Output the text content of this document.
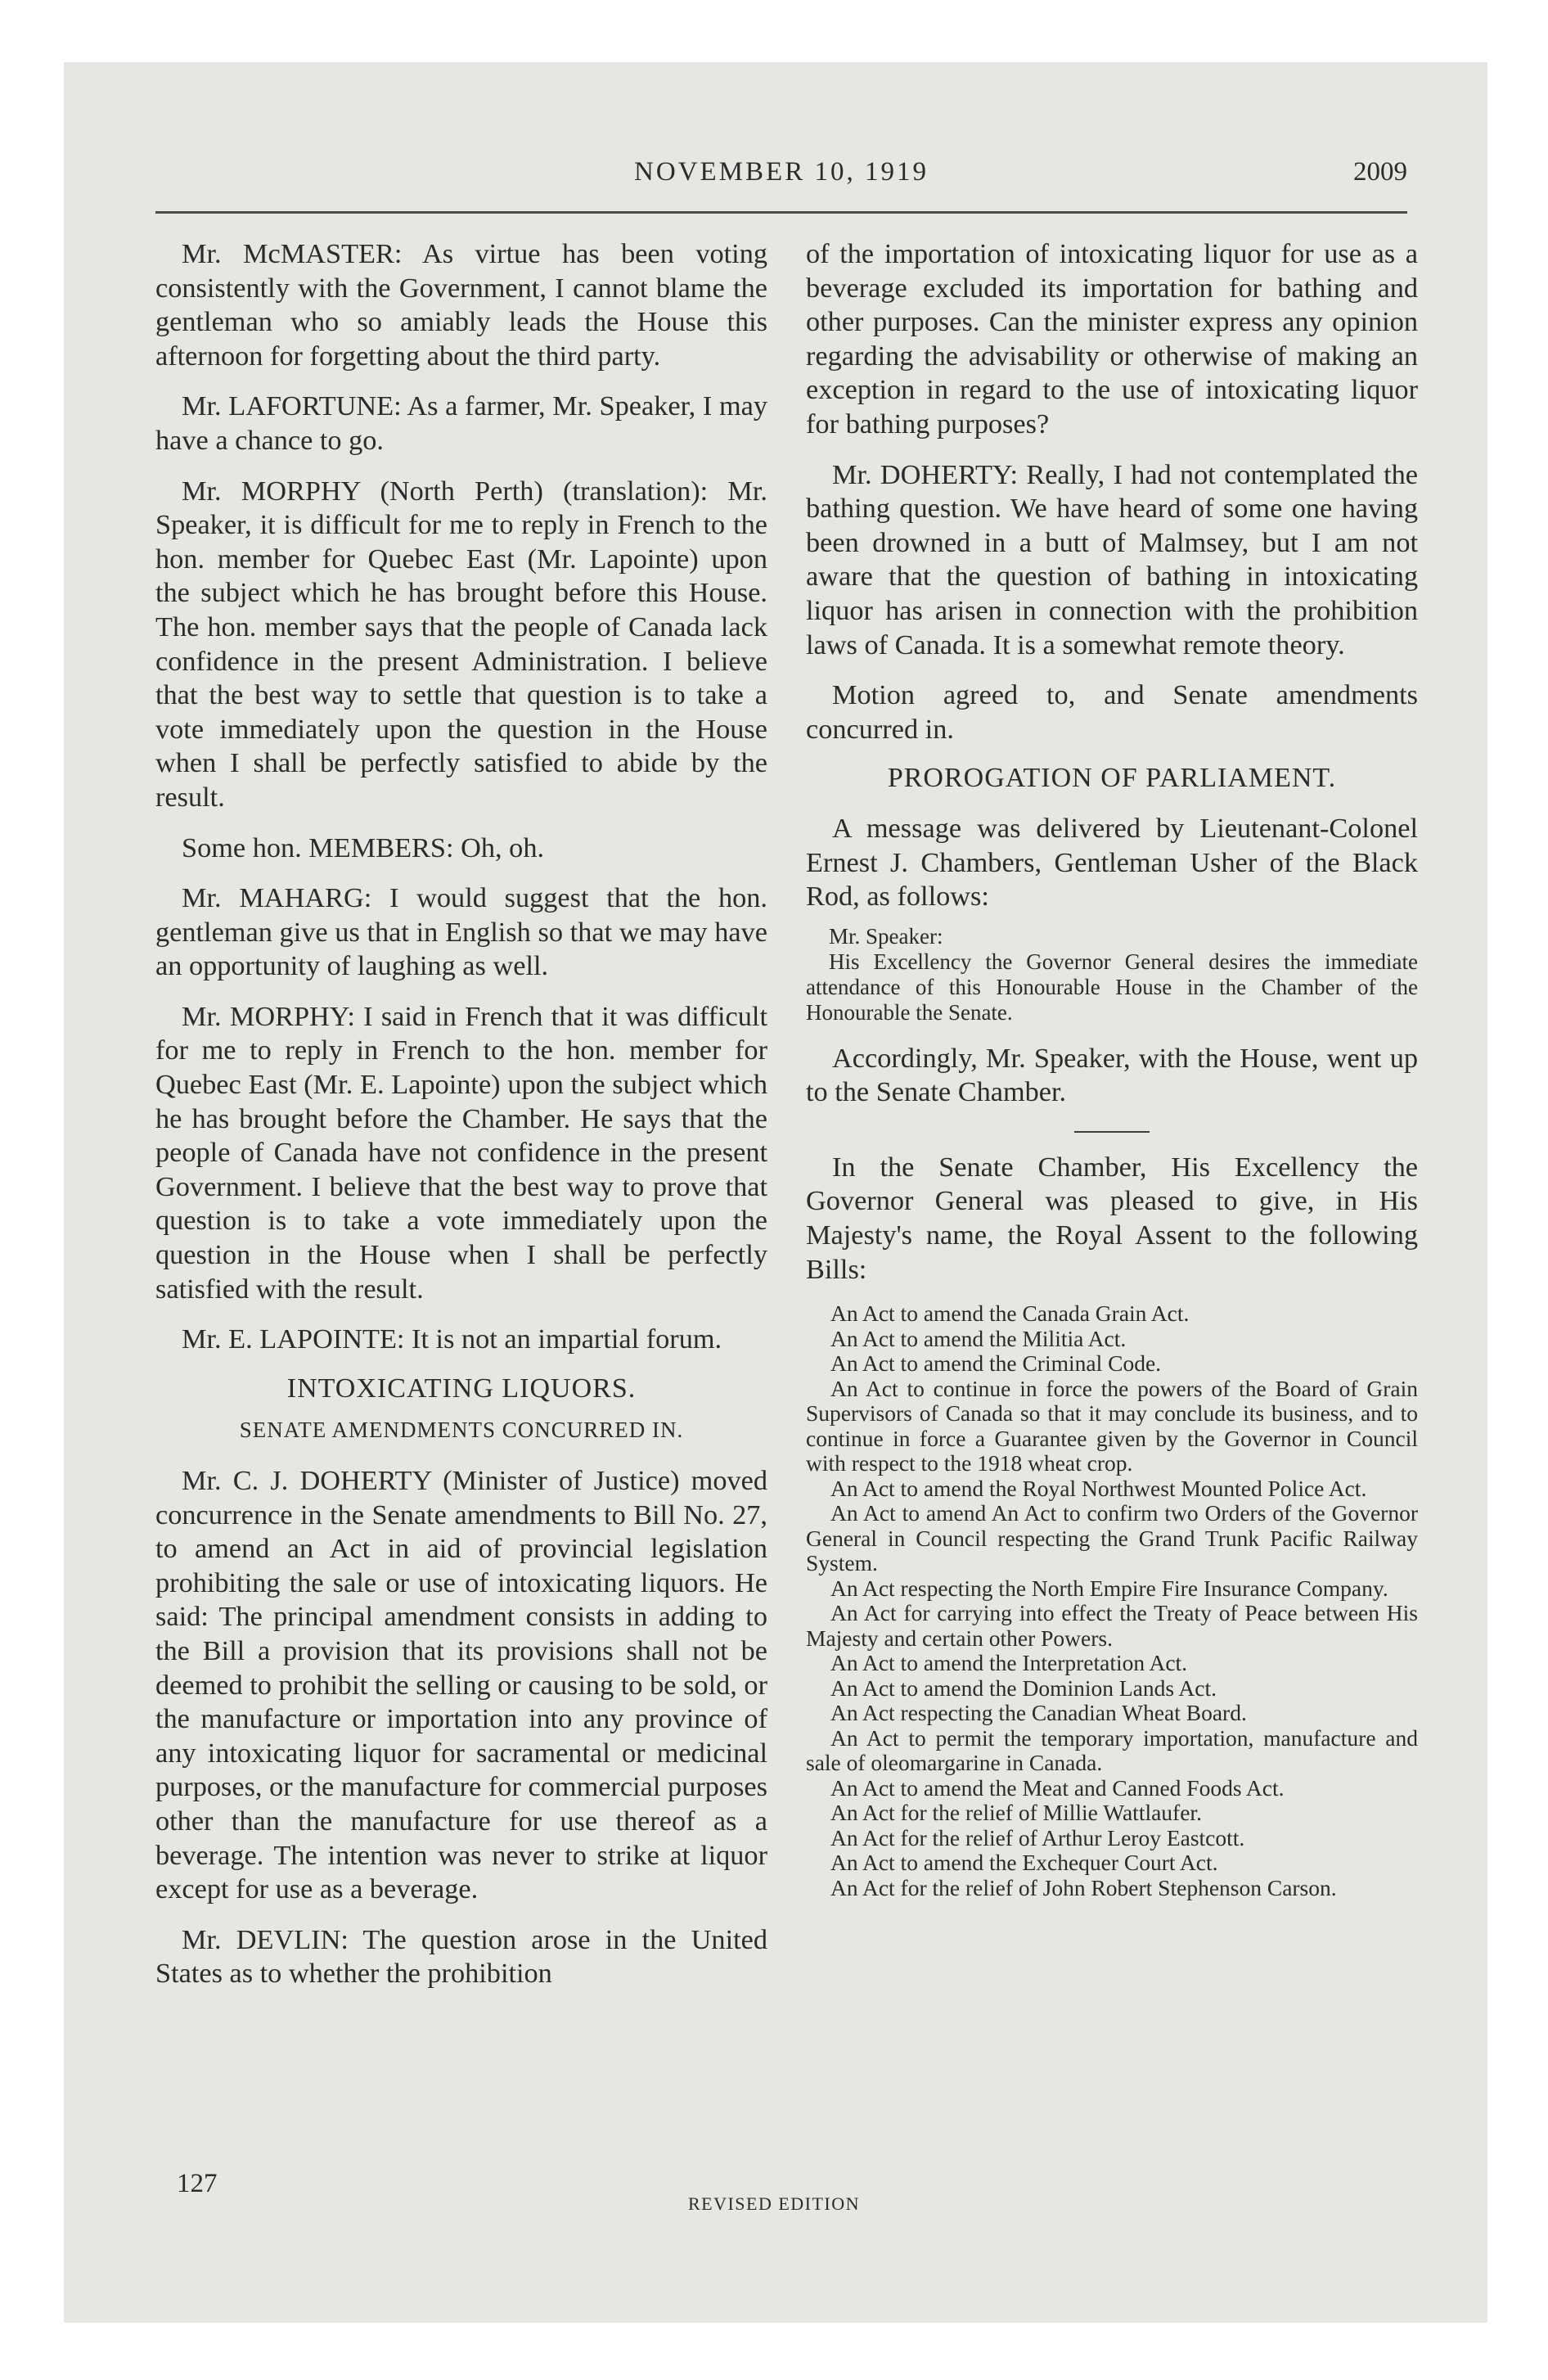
NOVEMBER 10, 1919	2009

Mr. McMASTER: As virtue has been voting consistently with the Government, I cannot blame the gentleman who so amiably leads the House this afternoon for forgetting about the third party.

Mr. LAFORTUNE: As a farmer, Mr. Speaker, I may have a chance to go.

Mr. MORPHY (North Perth) (translation): Mr. Speaker, it is difficult for me to reply in French to the hon. member for Quebec East (Mr. Lapointe) upon the subject which he has brought before this House. The hon. member says that the people of Canada lack confidence in the present Administration. I believe that the best way to settle that question is to take a vote immediately upon the question in the House when I shall be perfectly satisfied to abide by the result.

Some hon. MEMBERS: Oh, oh.

Mr. MAHARG: I would suggest that the hon. gentleman give us that in English so that we may have an opportunity of laughing as well.

Mr. MORPHY: I said in French that it was difficult for me to reply in French to the hon. member for Quebec East (Mr. E. Lapointe) upon the subject which he has brought before the Chamber. He says that the people of Canada have not confidence in the present Government. I believe that the best way to prove that question is to take a vote immediately upon the question in the House when I shall be perfectly satisfied with the result.

Mr. E. LAPOINTE: It is not an impartial forum.

INTOXICATING LIQUORS.
SENATE AMENDMENTS CONCURRED IN.

Mr. C. J. DOHERTY (Minister of Justice) moved concurrence in the Senate amendments to Bill No. 27, to amend an Act in aid of provincial legislation prohibiting the sale or use of intoxicating liquors. He said: The principal amendment consists in adding to the Bill a provision that its provisions shall not be deemed to prohibit the selling or causing to be sold, or the manufacture or importation into any province of any intoxicating liquor for sacramental or medicinal purposes, or the manufacture for commercial purposes other than the manufacture for use thereof as a beverage. The intention was never to strike at liquor except for use as a beverage.

Mr. DEVLIN: The question arose in the United States as to whether the prohibition

of the importation of intoxicating liquor for use as a beverage excluded its importation for bathing and other purposes. Can the minister express any opinion regarding the advisability or otherwise of making an exception in regard to the use of intoxicating liquor for bathing purposes?

Mr. DOHERTY: Really, I had not contemplated the bathing question. We have heard of some one having been drowned in a butt of Malmsey, but I am not aware that the question of bathing in intoxicating liquor has arisen in connection with the prohibition laws of Canada. It is a somewhat remote theory.

Motion agreed to, and Senate amendments concurred in.

PROROGATION OF PARLIAMENT.

A message was delivered by Lieutenant-Colonel Ernest J. Chambers, Gentleman Usher of the Black Rod, as follows:

Mr. Speaker:

His Excellency the Governor General desires the immediate attendance of this Honourable House in the Chamber of the Honourable the Senate.

Accordingly, Mr. Speaker, with the House, went up to the Senate Chamber.

In the Senate Chamber, His Excellency the Governor General was pleased to give, in His Majesty's name, the Royal Assent to the following Bills:

An Act to amend the Canada Grain Act.

An Act to amend the Militia Act.

An Act to amend the Criminal Code.

An Act to continue in force the powers of the Board of Grain Supervisors of Canada so that it may conclude its business, and to continue in force a Guarantee given by the Governor in Council with respect to the 1918 wheat crop.

An Act to amend the Royal Northwest Mounted Police Act.

An Act to amend An Act to confirm two Orders of the Governor General in Council respecting the Grand Trunk Pacific Railway System.

An Act respecting the North Empire Fire Insurance Company.

An Act for carrying into effect the Treaty of Peace between His Majesty and certain other Powers.

An Act to amend the Interpretation Act.

An Act to amend the Dominion Lands Act.

An Act respecting the Canadian Wheat Board.

An Act to permit the temporary importation, manufacture and sale of oleomargarine in Canada.

An Act to amend the Meat and Canned Foods Act.

An Act for the relief of Millie Wattlaufer.

An Act for the relief of Arthur Leroy Eastcott.

An Act to amend the Exchequer Court Act.

An Act for the relief of John Robert Stephenson Carson.

127
REVISED EDITION
